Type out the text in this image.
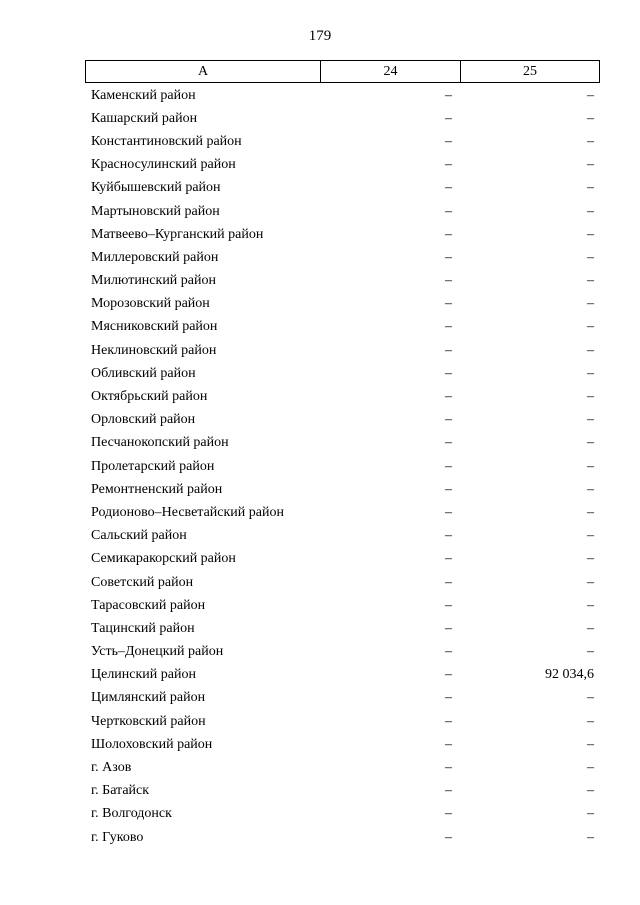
179
А	24	25
Каменский район	–	–
Кашарский район	–	–
Константиновский район	–	–
Красносулинский район	–	–
Куйбышевский район	–	–
Мартыновский район	–	–
Матвеево–Курганский район	–	–
Миллеровский район	–	–
Милютинский район	–	–
Морозовский район	–	–
Мясниковский район	–	–
Неклиновский район	–	–
Обливский район	–	–
Октябрьский район	–	–
Орловский район	–	–
Песчанокопский район	–	–
Пролетарский район	–	–
Ремонтненский район	–	–
Родионово–Несветайский район	–	–
Сальский район	–	–
Семикаракорский район	–	–
Советский район	–	–
Тарасовский район	–	–
Тацинский район	–	–
Усть–Донецкий район	–	–
Целинский район	–	92 034,6
Цимлянский район	–	–
Чертковский район	–	–
Шолоховский район	–	–
г. Азов	–	–
г. Батайск	–	–
г. Волгодонск	–	–
г. Гуково	–	–
